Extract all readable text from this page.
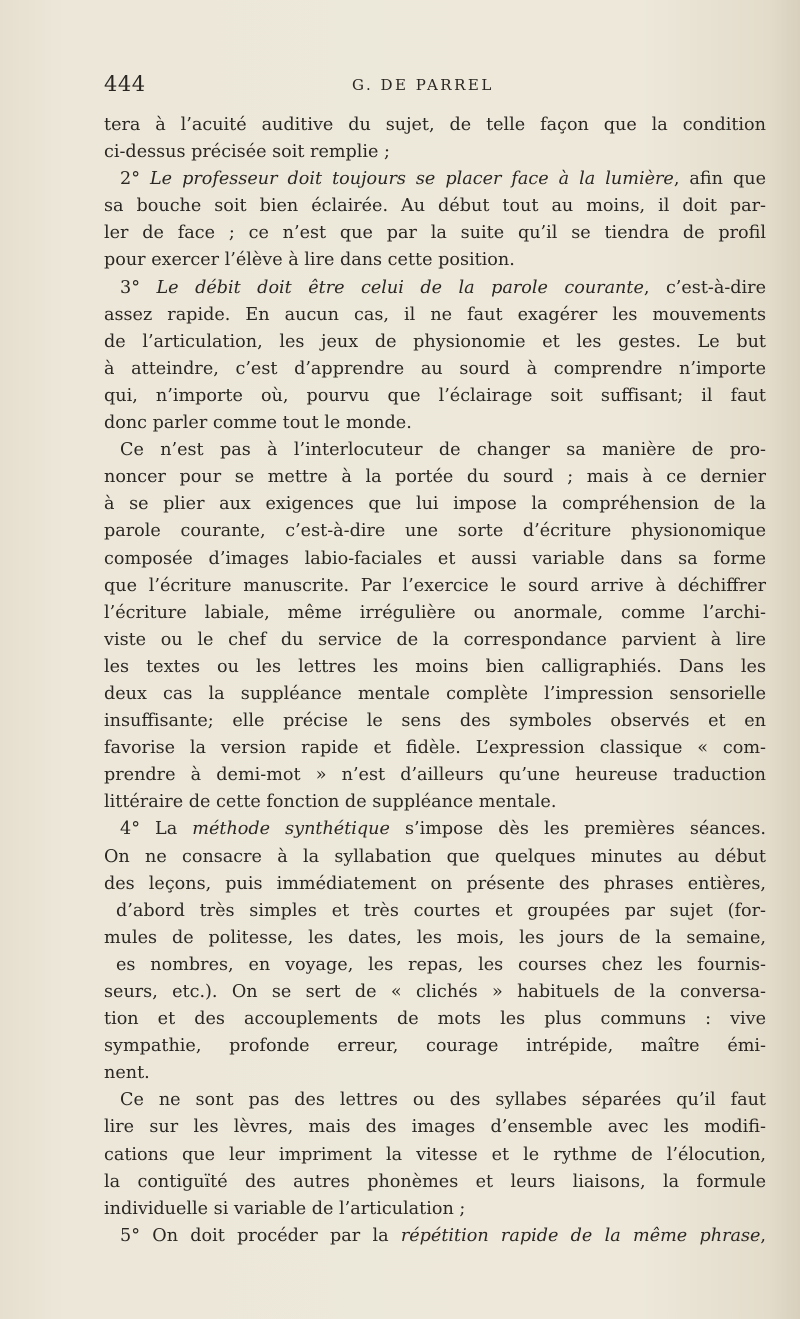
444	G. DE PARREL
tera à l’acuité auditive du sujet, de telle façon que la condition
ci-dessus précisée soit remplie ;
2° Le professeur doit toujours se placer face à la lumière, afin que
sa bouche soit bien éclairée. Au début tout au moins, il doit par-
ler de face ; ce n’est que par la suite qu’il se tiendra de profil
pour exercer l’élève à lire dans cette position.
3° Le débit doit être celui de la parole courante, c’est-à-dire
assez rapide. En aucun cas, il ne faut exagérer les mouvements
de l’articulation, les jeux de physionomie et les gestes. Le but
à atteindre, c’est d’apprendre au sourd à comprendre n’importe
qui, n’importe où, pourvu que l’éclairage soit suffisant; il faut
donc parler comme tout le monde.
Ce n’est pas à l’interlocuteur de changer sa manière de pro-
noncer pour se mettre à la portée du sourd ; mais à ce dernier
à se plier aux exigences que lui impose la compréhension de la
parole courante, c’est-à-dire une sorte d’écriture physionomique
composée d’images labio-faciales et aussi variable dans sa forme
que l’écriture manuscrite. Par l’exercice le sourd arrive à déchiffrer
l’écriture labiale, même irrégulière ou anormale, comme l’archi-
viste ou le chef du service de la correspondance parvient à lire
les textes ou les lettres les moins bien calligraphiés. Dans les
deux cas la suppléance mentale complète l’impression sensorielle
insuffisante; elle précise le sens des symboles observés et en
favorise la version rapide et fidèle. L’expression classique « com-
prendre à demi-mot » n’est d’ailleurs qu’une heureuse traduction
littéraire de cette fonction de suppléance mentale.
4° La méthode synthétique s’impose dès les premières séances.
On ne consacre à la syllabation que quelques minutes au début
des leçons, puis immédiatement on présente des phrases entières,
d’abord très simples et très courtes et groupées par sujet (for-
mules de politesse, les dates, les mois, les jours de la semaine,
es nombres, en voyage, les repas, les courses chez les fournis-
seurs, etc.). On se sert de « clichés » habituels de la conversa-
tion et des accouplements de mots les plus communs : vive
sympathie, profonde erreur, courage intrépide, maître émi-
nent.
Ce ne sont pas des lettres ou des syllabes séparées qu’il faut
lire sur les lèvres, mais des images d’ensemble avec les modifi-
cations que leur impriment la vitesse et le rythme de l’élocution,
la contiguïté des autres phonèmes et leurs liaisons, la formule
individuelle si variable de l’articulation ;
5° On doit procéder par la répétition rapide de la même phrase,
